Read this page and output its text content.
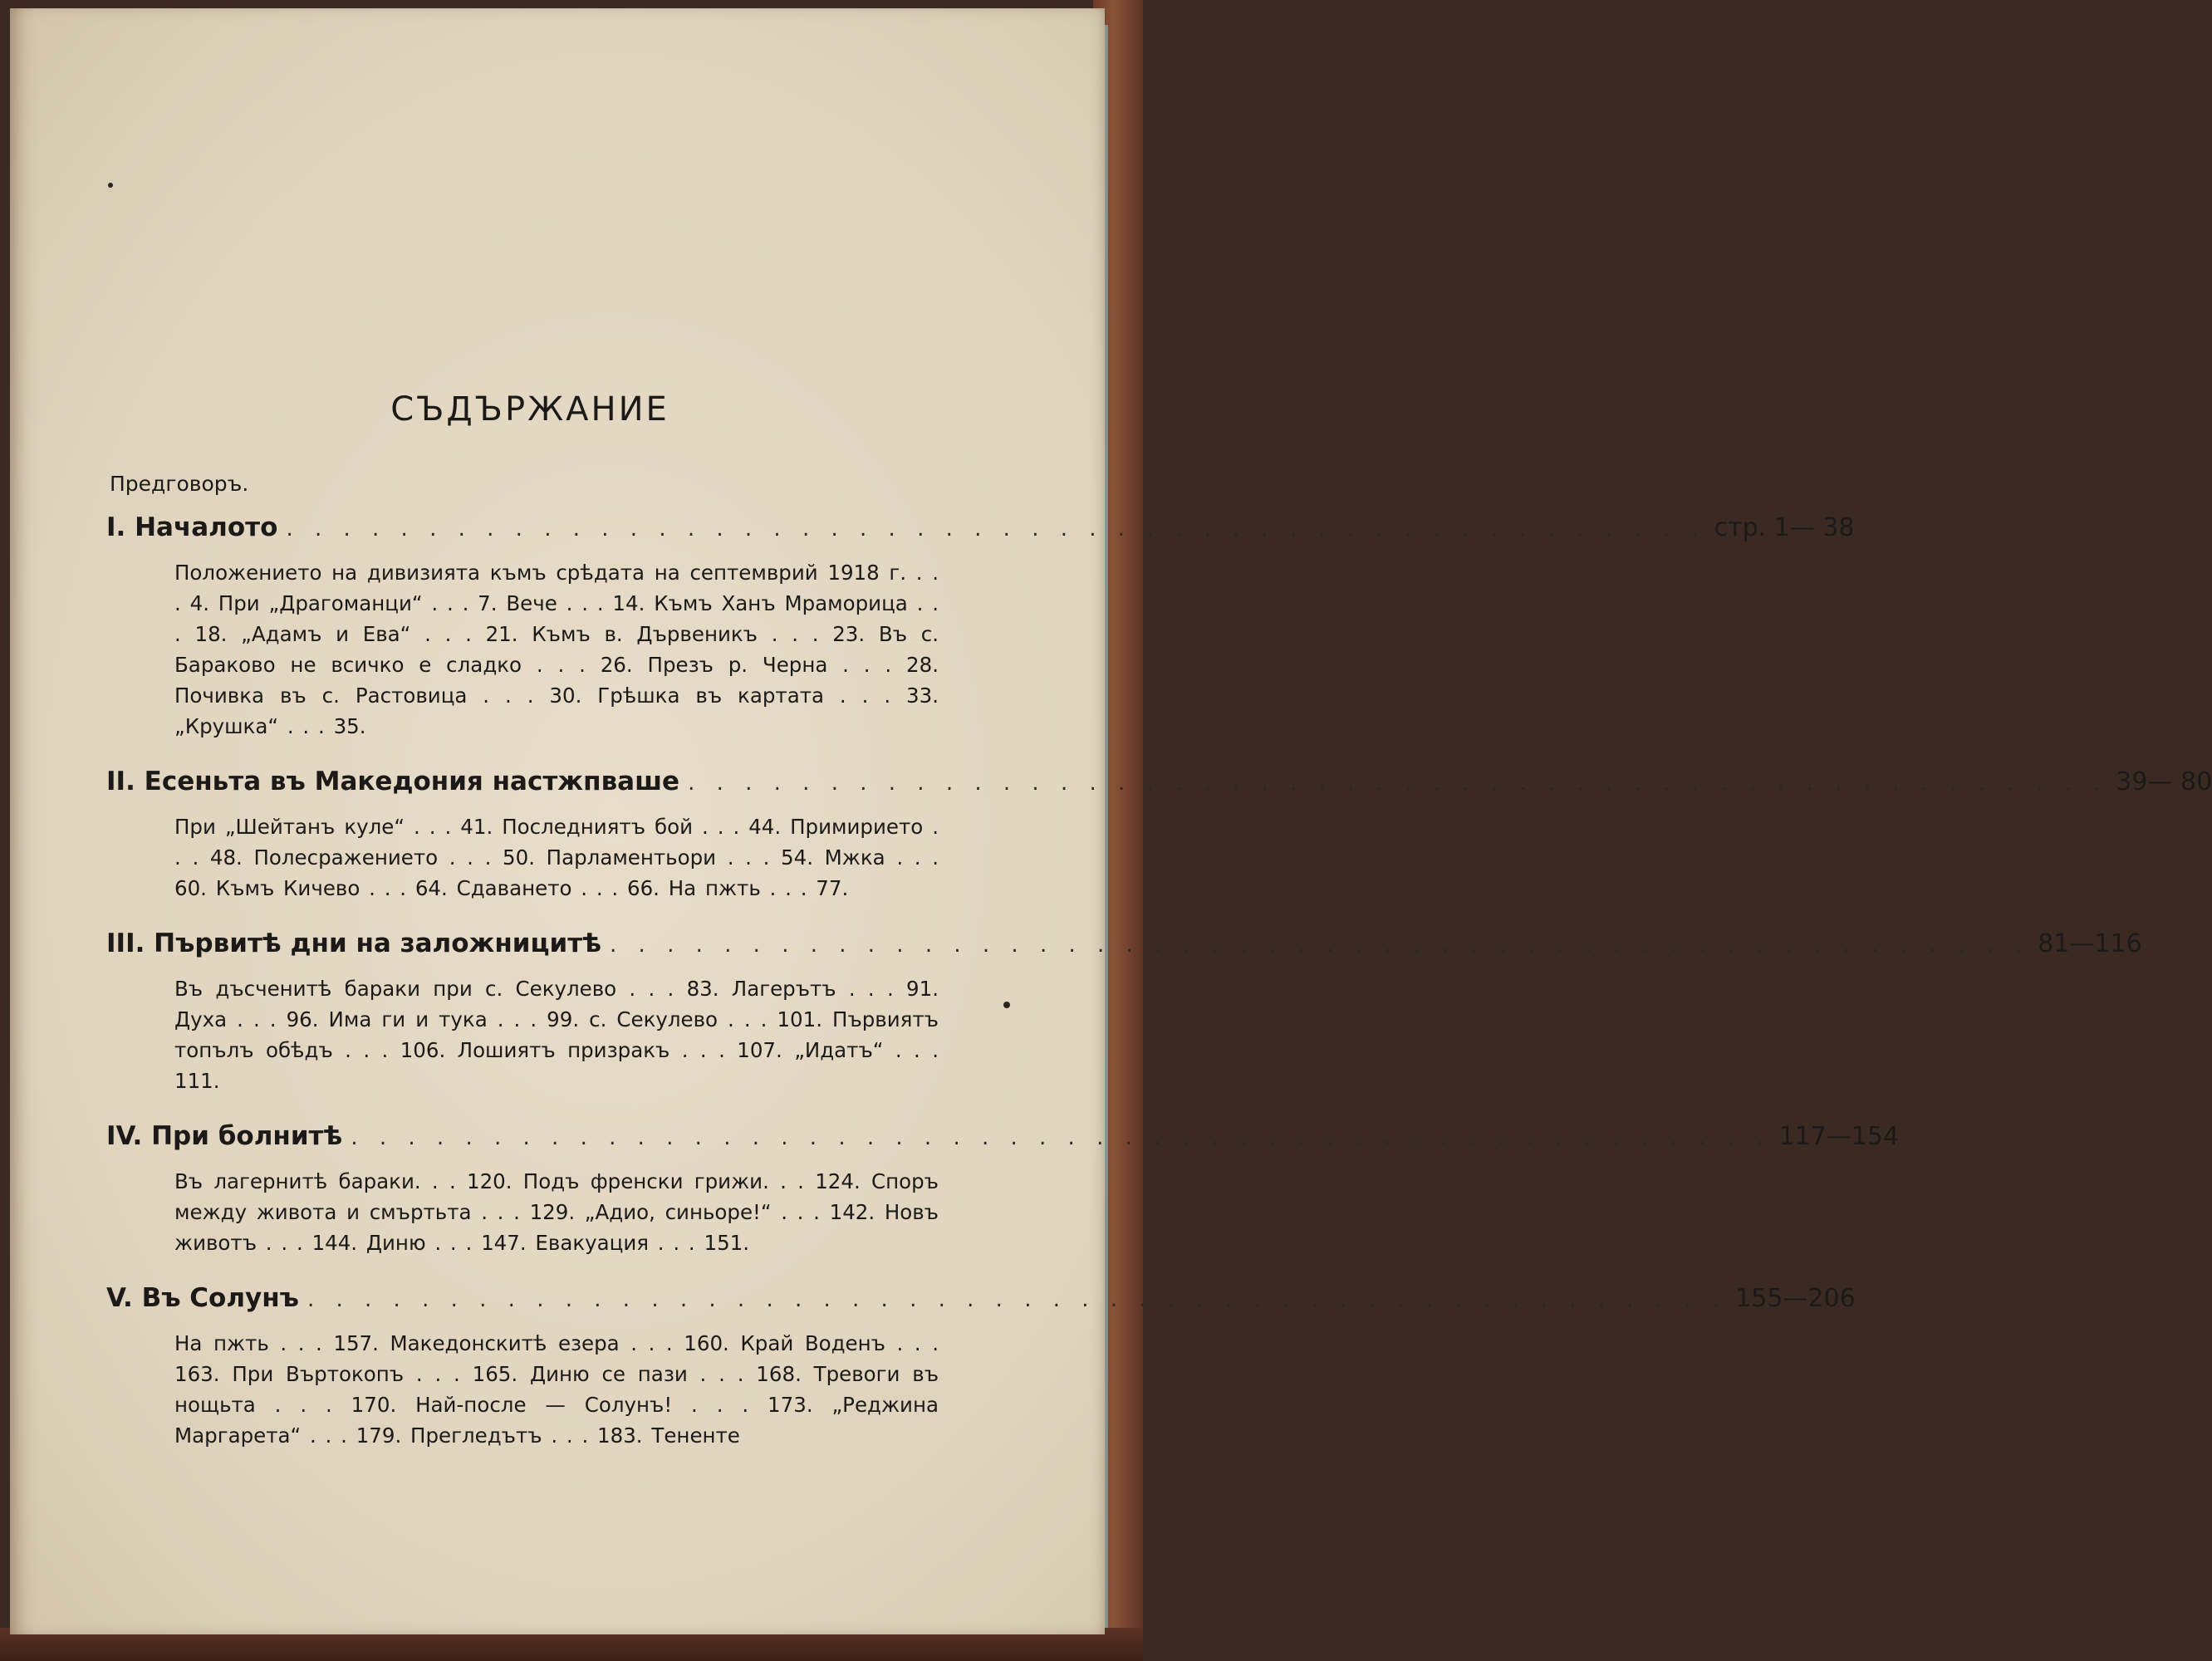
СЪДЪРЖАНИЕ
Предговоръ.
I. Началото . . . . . . . . . . . . . . . . . . . . . . . . . . . . . . . . . . . . . . . . . . . . . . . . . . стр. 1— 38
Положението на дивизията къмъ срѣдата на септемврий 1918 г. . . . 4. При „Драгоманци“ . . . 7. Вече . . . 14. Къмъ Ханъ Мраморица . . . 18. „Адамъ и Ева“ . . . 21. Къмъ в. Дървеникъ . . . 23. Въ с. Бараково не всичко е сладко . . . 26. Презъ р. Черна . . . 28. Почивка въ с. Растовица . . . 30. Грѣшка въ картата . . . 33. „Крушка“ . . . 35.
II. Есеньта въ Македония настжпваше . . . . . . . . . . . . . . . . . . . . . . . . . . . . . . . . . . . . . . . . . . . . . . . . . . 39— 80
При „Шейтанъ куле“ . . . 41. Последниятъ бой . . . 44. Примирието . . . 48. Полесражението . . . 50. Парламентьори . . . 54. Мжка . . . 60. Къмъ Кичево . . . 64. Сдаването . . . 66. На пжть . . . 77.
III. Първитѣ дни на заложницитѣ . . . . . . . . . . . . . . . . . . . . . . . . . . . . . . . . . . . . . . . . . . . . . . . . . . 81—116
Въ дъсченитѣ бараки при с. Секулево . . . 83. Лагерътъ . . . 91. Духа . . . 96. Има ги и тука . . . 99. с. Секулево . . . 101. Първиятъ топълъ обѣдъ . . . 106. Лошиятъ призракъ . . . 107. „Идатъ“ . . . 111.
IV. При болнитѣ . . . . . . . . . . . . . . . . . . . . . . . . . . . . . . . . . . . . . . . . . . . . . . . . . . 117—154
Въ лагернитѣ бараки. . . 120. Подъ френски грижи. . . 124. Споръ между живота и смъртьта . . . 129. „Адио, синьоре!“ . . . 142. Новъ животъ . . . 144. Диню . . . 147. Евакуация . . . 151.
V. Въ Солунъ . . . . . . . . . . . . . . . . . . . . . . . . . . . . . . . . . . . . . . . . . . . . . . . . . . 155—206
На пжть . . . 157. Македонскитѣ езера . . . 160. Край Воденъ . . . 163. При Въртокопъ . . . 165. Диню се пази . . . 168. Тревоги въ нощьта . . . 170. Най-после — Солунъ! . . . 173. „Реджина Маргарета“ . . . 179. Прегледътъ . . . 183. Тененте
